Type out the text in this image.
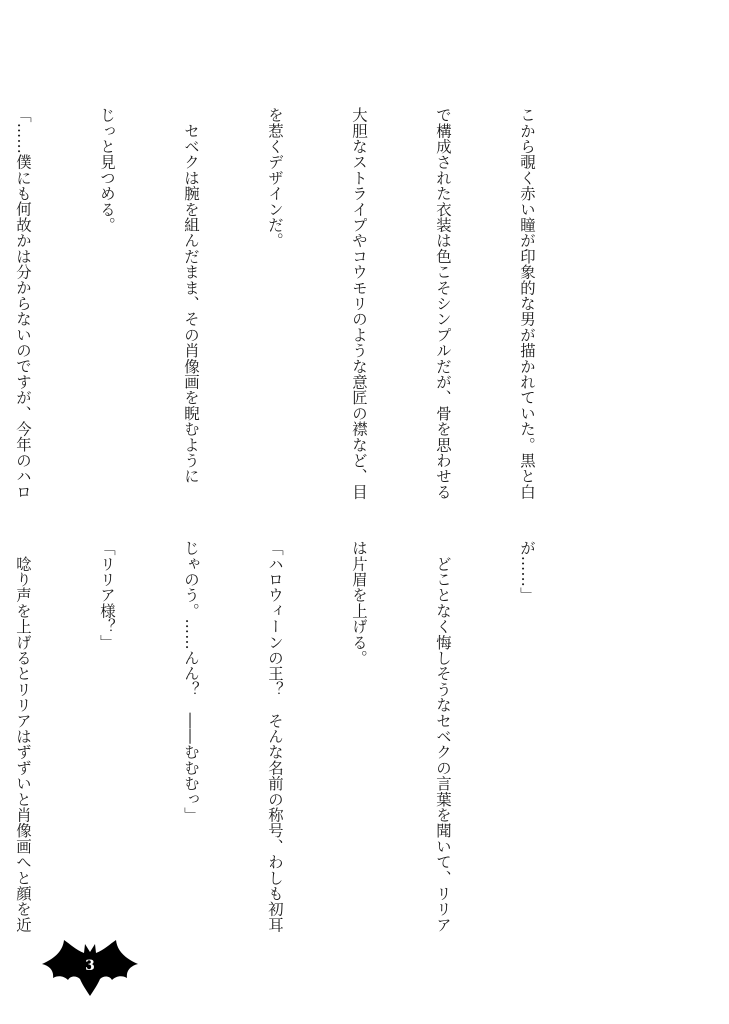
こから覗く赤い瞳が印象的な男が描かれていた。黒と白

で構成された衣装は色こそシンプルだが、骨を思わせる

大胆なストライプやコウモリのような意匠の襟など、目

を惹くデザインだ。

　セベクは腕を組んだまま、その肖像画を睨むように

じっと見つめる。

「……僕にも何故かは分からないのですが、今年のハロ

が……」

　どことなく悔しそうなセベクの言葉を聞いて、リリア

は片眉を上げる。

「ハロウィーンの王？　そんな名前の称号、わしも初耳

じゃのう。……んん？　――むむむっ」

「リリア様？」

　唸り声を上げるとリリアはずずいと肖像画へと顔を近

3
